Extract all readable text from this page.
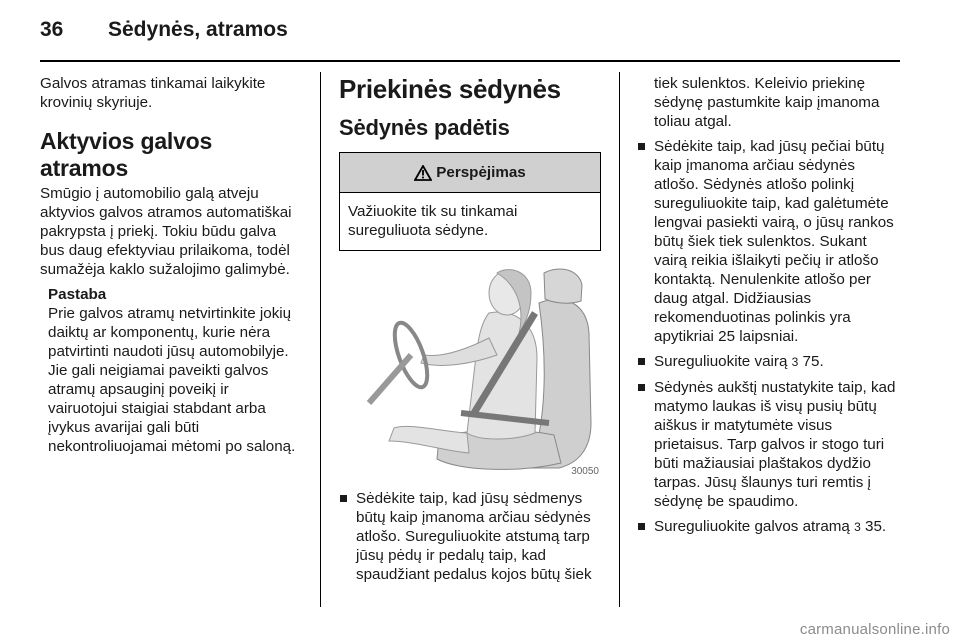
36	Sėdynės, atramos

Galvos atramas tinkamai laikykite krovinių skyriuje.

Aktyvios galvos atramos

Smūgio į automobilio galą atveju aktyvios galvos atramos automatiškai pakrypsta į priekį. Tokiu būdu galva bus daug efektyviau prilaikoma, todėl sumažėja kaklo sužalojimo galimybė.

Pastaba

Prie galvos atramų netvirtinkite jokių daiktų ar komponentų, kurie nėra patvirtinti naudoti jūsų automobilyje. Jie gali neigiamai paveikti galvos atramų apsauginį poveikį ir vairuotojui staigiai stabdant arba įvykus avarijai gali būti nekontroliuojamai mėtomi po saloną.

Priekinės sėdynės
Sėdynės padėtis
Perspėjimas
Važiuokite tik su tinkamai sureguliuota sėdyne.
30050
Sėdėkite taip, kad jūsų sėdmenys būtų kaip įmanoma arčiau sėdynės atlošo. Sureguliuokite atstumą tarp jūsų pėdų ir pedalų taip, kad spaudžiant pedalus kojos būtų šiek

tiek sulenktos. Keleivio priekinę sėdynę pastumkite kaip įmanoma toliau atgal.

Sėdėkite taip, kad jūsų pečiai būtų kaip įmanoma arčiau sėdynės atlošo. Sėdynės atlošo polinkį sureguliuokite taip, kad galėtumėte lengvai pasiekti vairą, o jūsų rankos būtų šiek tiek sulenktos. Sukant vairą reikia išlaikyti pečių ir atlošo kontaktą. Nenulenkite atlošo per daug atgal. Didžiausias rekomenduotinas polinkis yra apytikriai 25 laipsniai.
Sureguliuokite vairą 3 75.
Sėdynės aukštį nustatykite taip, kad matymo laukas iš visų pusių būtų aiškus ir matytumėte visus prietaisus. Tarp galvos ir stogo turi būti mažiausiai plaštakos dydžio tarpas. Jūsų šlaunys turi remtis į sėdynę be spaudimo.
Sureguliuokite galvos atramą 3 35.
carmanualsonline.info
